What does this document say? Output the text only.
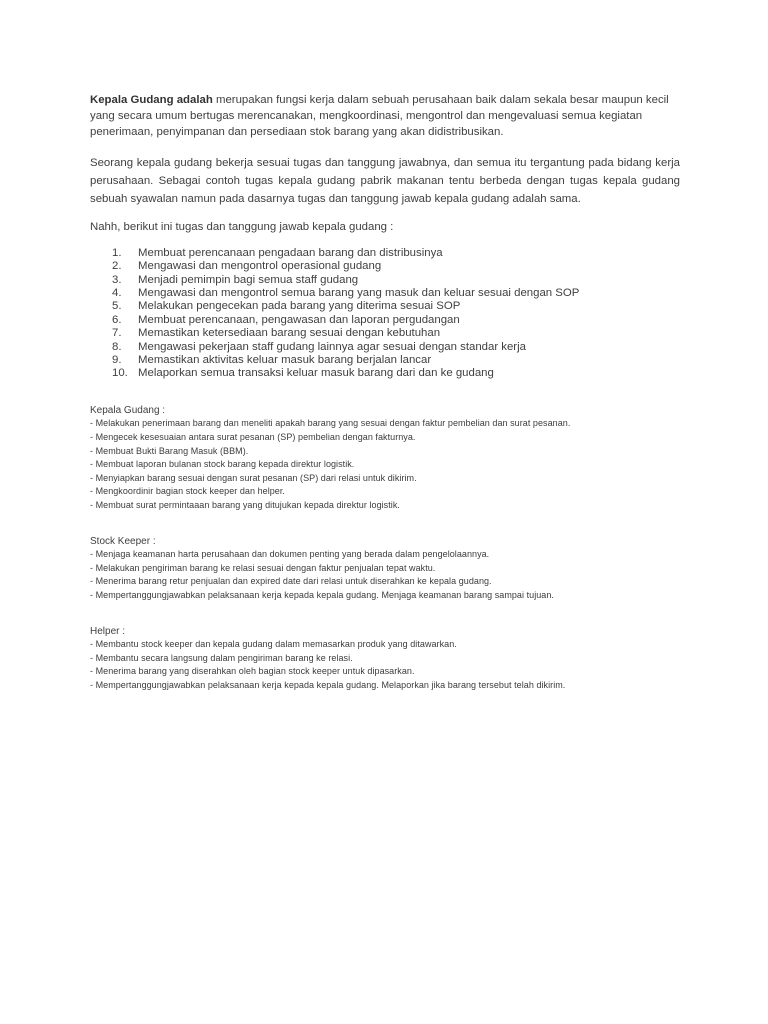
Kepala Gudang adalah merupakan fungsi kerja dalam sebuah perusahaan baik dalam sekala besar maupun kecil yang secara umum bertugas merencanakan, mengkoordinasi, mengontrol dan mengevaluasi semua kegiatan penerimaan, penyimpanan dan persediaan stok barang yang akan didistribusikan.

Seorang kepala gudang bekerja sesuai tugas dan tanggung jawabnya, dan semua itu tergantung pada bidang kerja perusahaan. Sebagai contoh tugas kepala gudang pabrik makanan tentu berbeda dengan tugas kepala gudang sebuah syawalan namun pada dasarnya tugas dan tanggung jawab kepala gudang adalah sama.

Nahh, berikut ini tugas dan tanggung jawab kepala gudang :

1.	Membuat perencanaan pengadaan barang dan distribusinya
2.	Mengawasi dan mengontrol operasional gudang
3.	Menjadi pemimpin bagi semua staff gudang
4.	Mengawasi dan mengontrol semua barang yang masuk dan keluar sesuai dengan SOP
5.	Melakukan pengecekan pada barang yang diterima sesuai SOP
6.	Membuat perencanaan, pengawasan dan laporan pergudangan
7.	Memastikan ketersediaan barang sesuai dengan kebutuhan
8.	Mengawasi pekerjaan staff gudang lainnya agar sesuai dengan standar kerja
9.	Memastikan aktivitas keluar masuk barang berjalan lancar
10. Melaporkan semua transaksi keluar masuk barang dari dan ke gudang

Kepala Gudang :

- Melakukan penerimaan barang dan meneliti apakah barang yang sesuai dengan faktur pembelian dan surat pesanan.

- Mengecek kesesuaian antara surat pesanan (SP) pembelian dengan fakturnya.

- Membuat Bukti Barang Masuk (BBM).

- Membuat laporan bulanan stock barang kepada direktur logistik.

- Menyiapkan barang sesuai dengan surat pesanan (SP) dari relasi untuk dikirim.

- Mengkoordinir bagian stock keeper dan helper.

- Membuat surat permintaaan barang yang ditujukan kepada direktur logistik.

Stock Keeper :

- Menjaga keamanan harta perusahaan dan dokumen penting yang berada dalam pengelolaannya.

- Melakukan pengiriman barang ke relasi sesuai dengan faktur penjualan tepat waktu.

- Menerima barang retur penjualan dan expired date dari relasi untuk diserahkan ke kepala gudang.

- Mempertanggungjawabkan pelaksanaan kerja kepada kepala gudang. Menjaga keamanan barang sampai tujuan.

Helper :

- Membantu stock keeper dan kepala gudang dalam memasarkan produk yang ditawarkan.

- Membantu secara langsung dalam pengiriman barang ke relasi.

- Menerima barang yang diserahkan oleh bagian stock keeper untuk dipasarkan.

- Mempertanggungjawabkan pelaksanaan kerja kepada kepala gudang. Melaporkan jika barang tersebut telah dikirim.
